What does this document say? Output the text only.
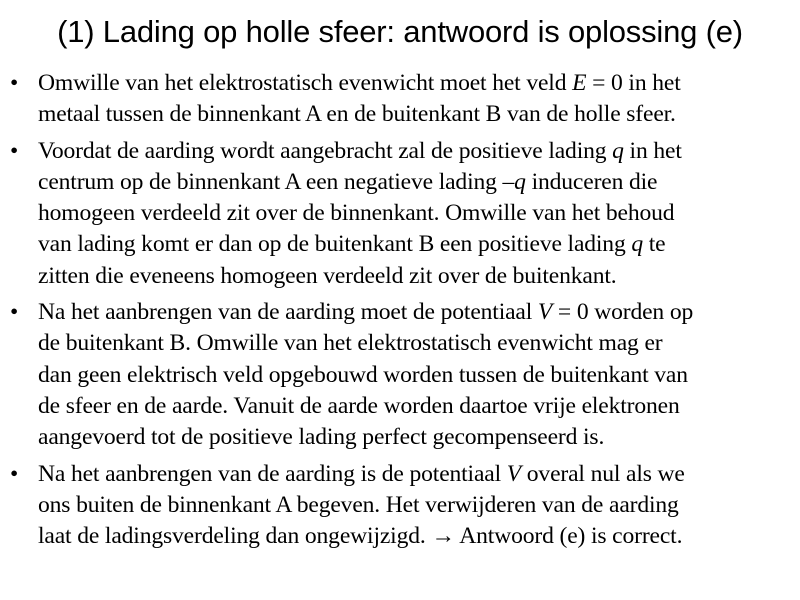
(1) Lading op holle sfeer: antwoord is oplossing (e)
• Omwille van het elektrostatisch evenwicht moet het veld E = 0 in het
metaal tussen de binnenkant A en de buitenkant B van de holle sfeer.
• Voordat de aarding wordt aangebracht zal de positieve lading q in het
centrum op de binnenkant A een negatieve lading –q induceren die
homogeen verdeeld zit over de binnenkant. Omwille van het behoud
van lading komt er dan op de buitenkant B een positieve lading q te
zitten die eveneens homogeen verdeeld zit over de buitenkant.
• Na het aanbrengen van de aarding moet de potentiaal V = 0 worden op
de buitenkant B. Omwille van het elektrostatisch evenwicht mag er
dan geen elektrisch veld opgebouwd worden tussen de buitenkant van
de sfeer en de aarde. Vanuit de aarde worden daartoe vrije elektronen
aangevoerd tot de positieve lading perfect gecompenseerd is.
• Na het aanbrengen van de aarding is de potentiaal V overal nul als we
ons buiten de binnenkant A begeven. Het verwijderen van de aarding
laat de ladingsverdeling dan ongewijzigd. → Antwoord (e) is correct.
